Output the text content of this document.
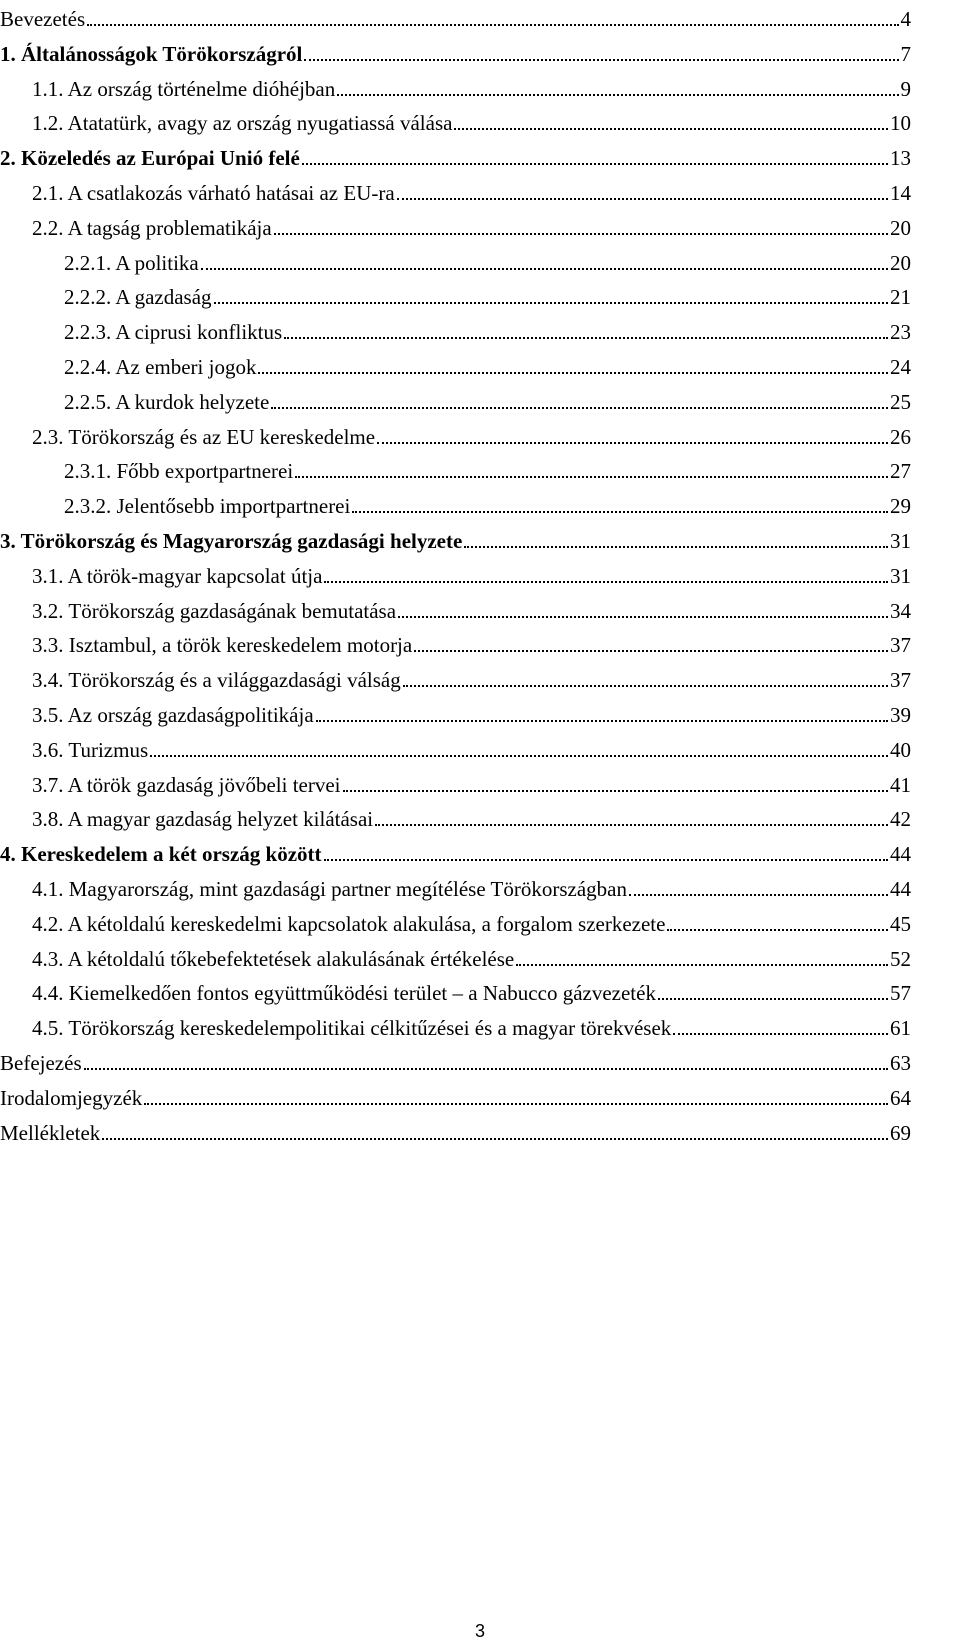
Bevezetés	4
1. Általánosságok Törökországról	7
1.1. Az ország történelme dióhéjban	9
1.2. Atatatürk, avagy az ország nyugatiassá válása	10
2. Közeledés az Európai Unió felé	13
2.1. A csatlakozás várható hatásai az EU-ra	14
2.2. A tagság problematikája	20
2.2.1. A politika	20
2.2.2. A gazdaság	21
2.2.3. A ciprusi konfliktus	23
2.2.4. Az emberi jogok	24
2.2.5. A kurdok helyzete	25
2.3. Törökország és az EU kereskedelme	26
2.3.1. Főbb exportpartnerei	27
2.3.2. Jelentősebb importpartnerei	29
3. Törökország és Magyarország gazdasági helyzete	31
3.1. A török-magyar kapcsolat útja	31
3.2. Törökország gazdaságának bemutatása	34
3.3. Isztambul, a török kereskedelem motorja	37
3.4. Törökország és a világgazdasági válság	37
3.5. Az ország gazdaságpolitikája	39
3.6. Turizmus	40
3.7. A török gazdaság jövőbeli tervei	41
3.8. A magyar gazdaság helyzet kilátásai	42
4. Kereskedelem a két ország között	44
4.1. Magyarország, mint gazdasági partner megítélése Törökországban	44
4.2. A kétoldalú kereskedelmi kapcsolatok alakulása, a forgalom szerkezete	45
4.3. A kétoldalú tőkebefektetések alakulásának értékelése	52
4.4. Kiemelkedően fontos együttműködési terület – a Nabucco gázvezeték	57
4.5. Törökország kereskedelempolitikai célkitűzései és a magyar törekvések	61
Befejezés	63
Irodalomjegyzék	64
Mellékletek	69
3
